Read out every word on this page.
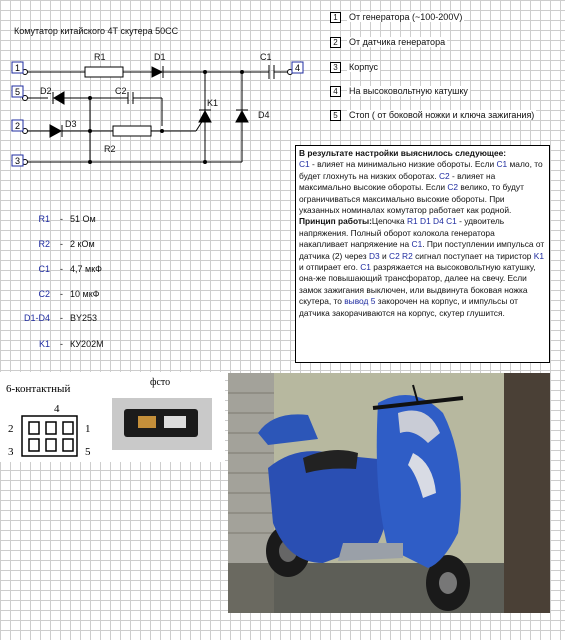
Комутатор китайского 4Т скутера 50СС
1
5
2
3
4
R1	D1	C1
D2	C2
K1
D3
R2
D4
1	От генератора (~100-200V)
2	От датчика генератора
3	Корпус
4	На высоковольтную катушку
5	Стоп ( от боковой ножки и ключа зажигания)
В результате настройки выяснилось следующее:
C1 - влияет на минимально низкие обороты. Если C1 мало, то будет глохнуть на низких оборотах. C2 - влияет на максимально высокие обороты. Если C2 велико, то будут ограничиваться максимально высокие обороты. При указанных номиналах комутатор работает как родной. Принцип работы:Цепочка R1 D1 D4 C1 - удвоитель напряжения. Полный оборот колокола генератора накапливает напряжение на C1. При поступлении импульса от датчика (2) через D3 и C2 R2 сигнал поступает на тиристор K1 и отпирает его. C1 разряжается на высоковольтную катушку, она-же повышающий трансфоратор, далее на свечу. Если замок зажигания выключен, или выдвинута боковая ножка скутера, то вывод 5 закорочен на корпус, и импульсы от датчика закорачиваются на корпус, скутер глушится.
R1 - 51 Ом
R2 - 2 кОм
C1 - 4,7 мкФ
C2 - 10 мкФ
D1-D4 - BY253
K1 - КУ202М
6-контактный
фсто
4
2
3
1
5
